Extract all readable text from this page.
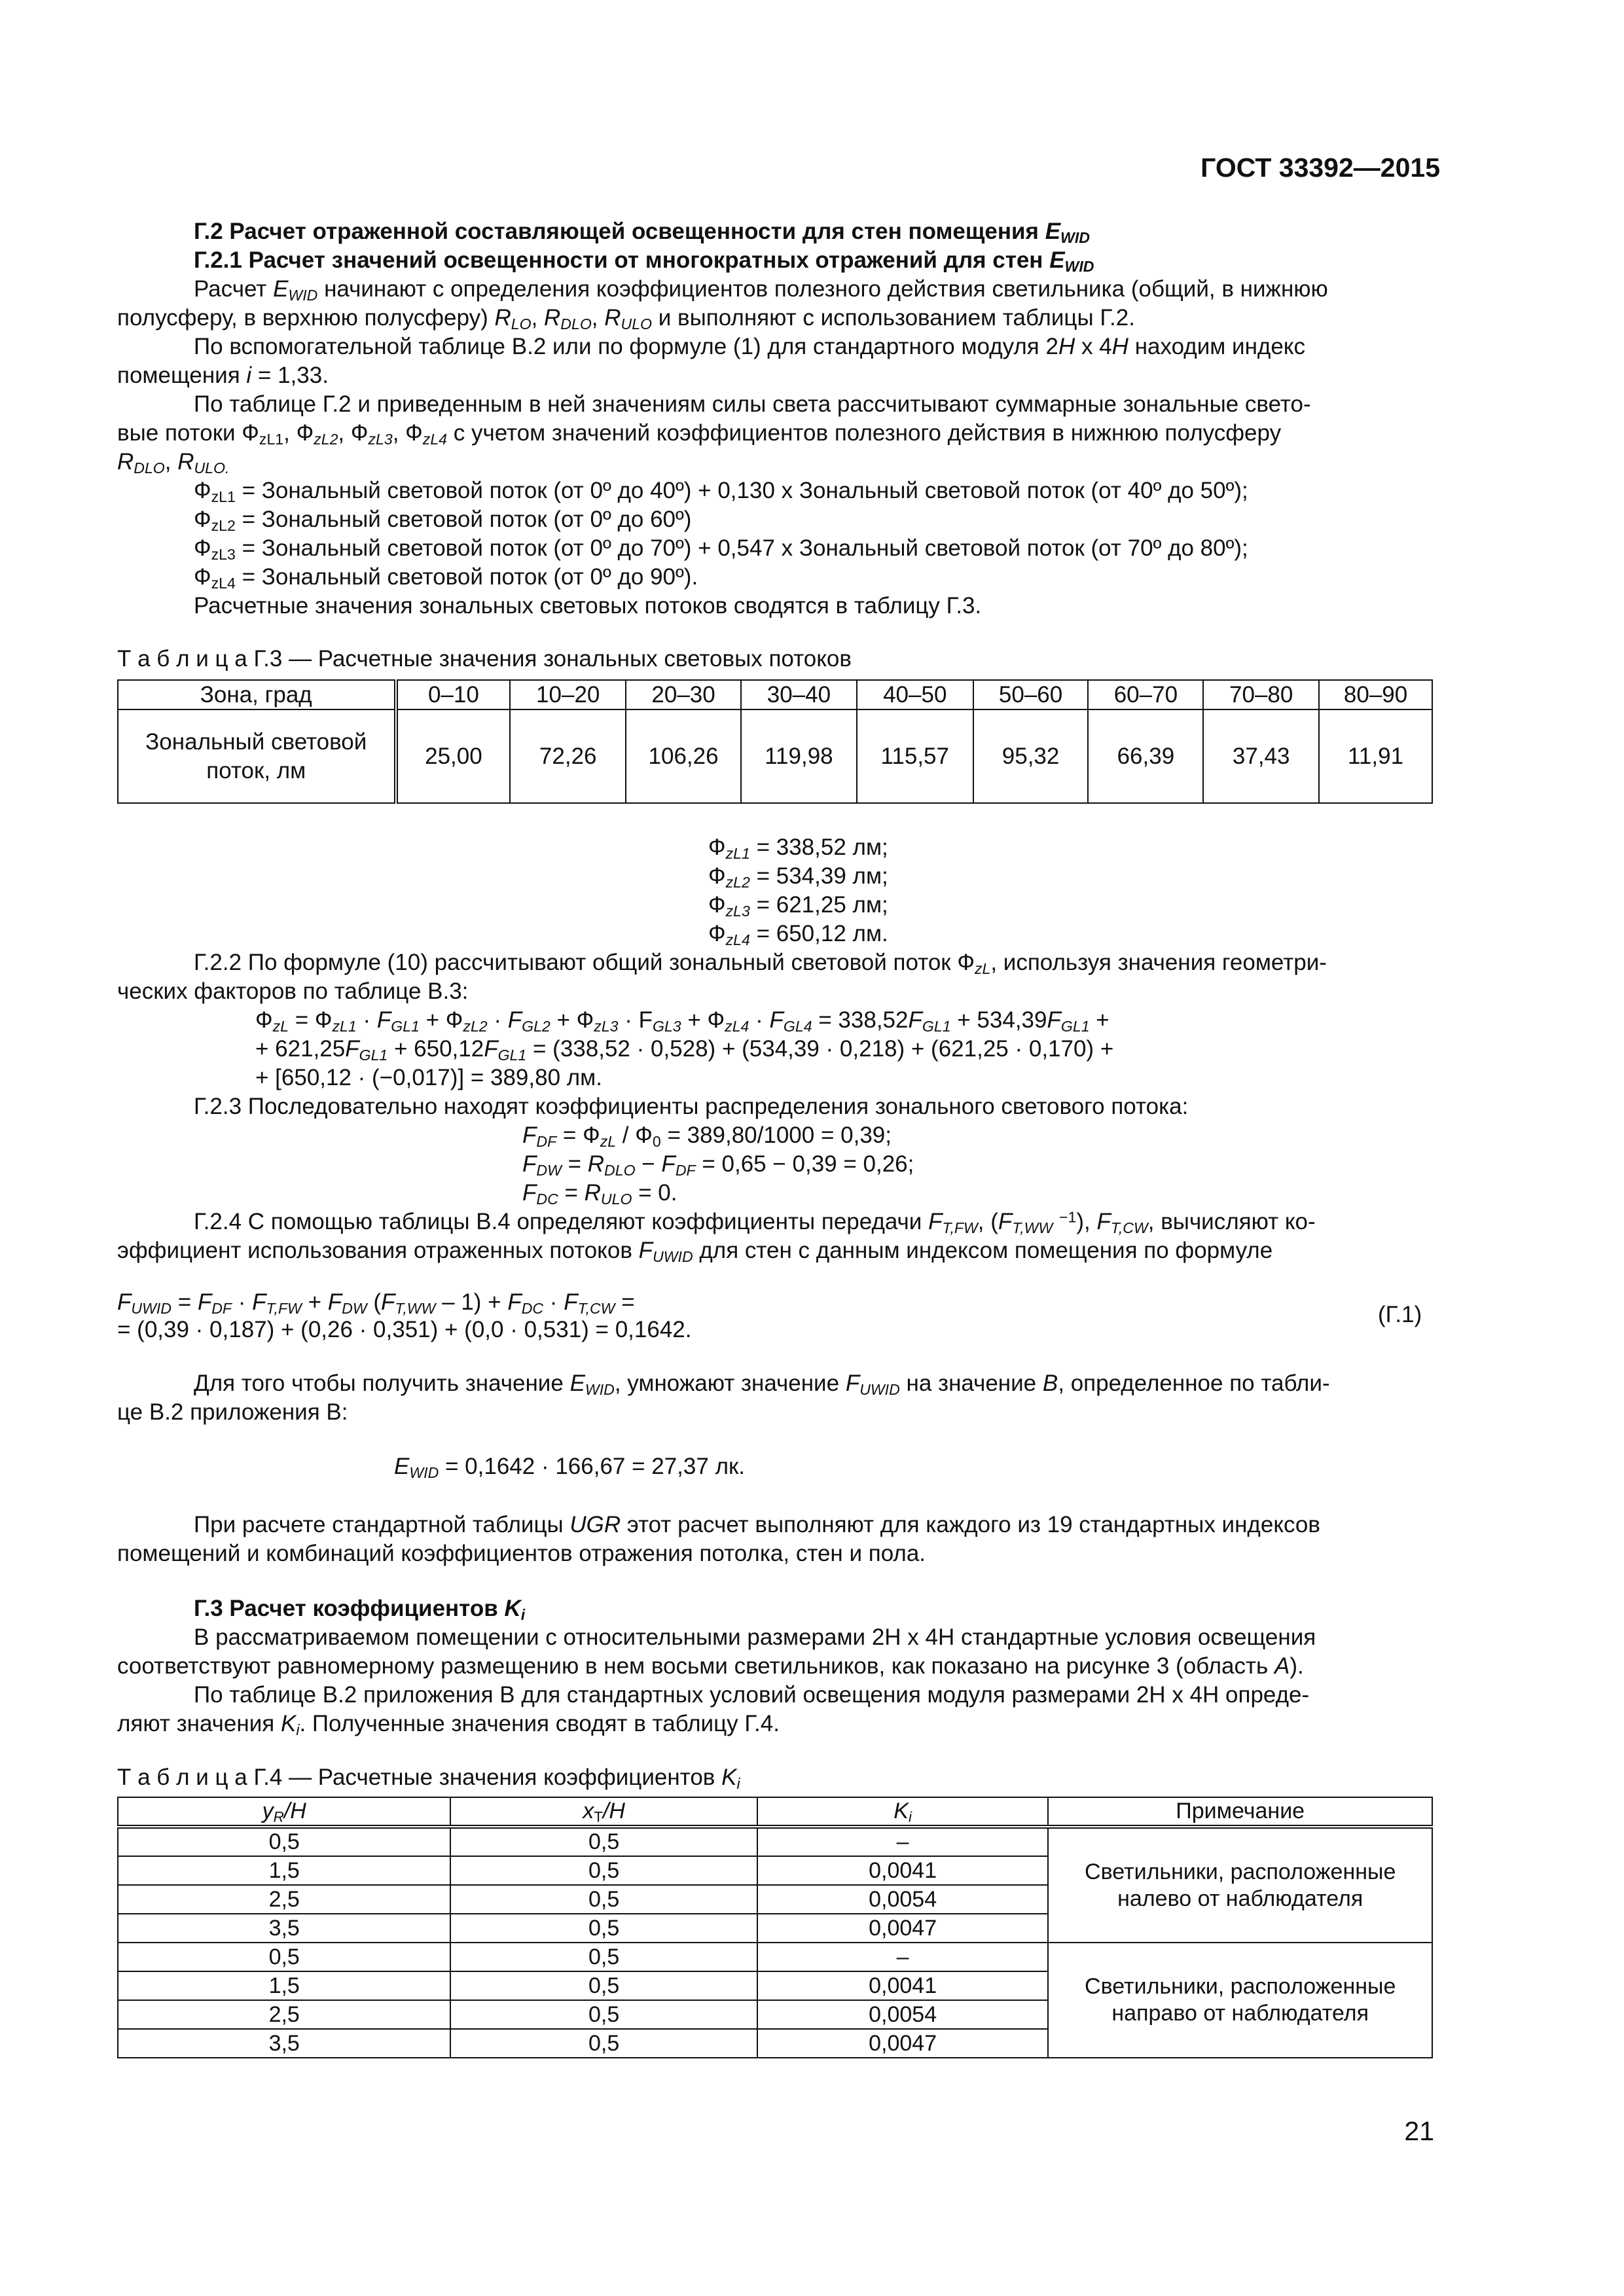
ГОСТ 33392—2015
Г.2 Расчет отраженной составляющей освещенности для стен помещения $E_{WID}$
Г.2.1 Расчет значений освещенности от многократных отражений для стен $E_{WID}$
Расчет $E_{WID}$ начинают с определения коэффициентов полезного действия светильника (общий, в нижнюю
полусферу, в верхнюю полусферу) $R_{LO}$, $R_{DLO}$, $R_{ULO}$ и выполняют с использованием таблицы Г.2.
По вспомогательной таблице В.2 или по формуле (1) для стандартного модуля 2H x 4H находим индекс
помещения i = 1,33.
По таблице Г.2 и приведенным в ней значениям силы света рассчитывают суммарные зональные свето-
вые потоки $Ф_{zL1}$, $Ф_{zL2}$, $Ф_{zL3}$, $Ф_{zL4}$ с учетом значений коэффициентов полезного действия в нижнюю полусферу
$R_{DLO}$, $R_{ULO.}$
$Ф_{zL1}$ = Зональный световой поток (от 0º до 40º) + 0,130 x Зональный световой поток (от 40º до 50º);
$Ф_{zL2}$ = Зональный световой поток (от 0º до 60º)
$Ф_{zL3}$ = Зональный световой поток (от 0º до 70º) + 0,547 x Зональный световой поток (от 70º до 80º);
$Ф_{zL4}$ = Зональный световой поток (от 0º до 90º).
Расчетные значения зональных световых потоков сводятся в таблицу Г.3.
Т а б л и ц а Г.3 — Расчетные значения зональных световых потоков
Зона, град	0–10	10–20	20–30	30–40	40–50	50–60	60–70	70–80	80–90
Зональный световой
поток, лм	25,00	72,26	106,26	119,98	115,57	95,32	66,39	37,43	11,91
$Ф_{zL1} = 338,52$ лм;
$Ф_{zL2} = 534,39$ лм;
$Ф_{zL3} = 621,25$ лм;
$Ф_{zL4} = 650,12$ лм.
Г.2.2 По формуле (10) рассчитывают общий зональный световой поток $Ф_{zL}$, используя значения геометри-
ческих факторов по таблице В.3:
$Ф_{zL} = Ф_{zL1} \cdot F_{GL1} + Ф_{zL2} \cdot F_{GL2} + Ф_{zL3} \cdot F_{GL3} + Ф_{zL4} \cdot F_{GL4} = 338,52F_{GL1} + 534,39F_{GL1}$ +
+ $621,25F_{GL1} + 650,12F_{GL1} = (338,52 \cdot 0,528) + (534,39 \cdot 0,218) + (621,25 \cdot 0,170)$ +
+ [650,12 · (−0,017)] = 389,80 лм.
Г.2.3 Последовательно находят коэффициенты распределения зонального светового потока:
$F_{DF} = Ф_{zL} / Ф_0 = 389,80/1000 = 0,39$;
$F_{DW} = R_{DLO} - F_{DF} = 0,65 - 0,39 = 0,26$;
$F_{DC} = R_{ULO} = 0$.
Г.2.4 С помощью таблицы В.4 определяют коэффициенты передачи $F_{T,FW}$, ($F_{T,WW}$ $^{-1}$), $F_{T,CW}$, вычисляют ко-
эффициент использования отраженных потоков $F_{UWID}$ для стен с данным индексом помещения по формуле
$F_{UWID} = F_{DF} \cdot F_{T,FW} + F_{DW}$ $(F_{T,WW} - 1) + F_{DC} \cdot F_{T,CW}$ =
= (0,39 · 0,187) + (0,26 · 0,351) + (0,0 · 0,531) = 0,1642.
(Г.1)
Для того чтобы получить значение $E_{WID}$, умножают значение $F_{UWID}$ на значение B, определенное по табли-
це В.2 приложения В:
$E_{WID} = 0,1642 \cdot 166,67 = 27,37$ лк.
При расчете стандартной таблицы UGR этот расчет выполняют для каждого из 19 стандартных индексов
помещений и комбинаций коэффициентов отражения потолка, стен и пола.
Г.3 Расчет коэффициентов $K_i$
В рассматриваемом помещении с относительными размерами 2Н x 4Н стандартные условия освещения
соответствуют равномерному размещению в нем восьми светильников, как показано на рисунке 3 (область A).
По таблице В.2 приложения В для стандартных условий освещения модуля размерами 2Н x 4Н опреде-
ляют значения $K_i$. Полученные значения сводят в таблицу Г.4.
Т а б л и ц а Г.4 — Расчетные значения коэффициентов $K_i$
$y_R/H$	$x_T/H$	$K_i$	Примечание
0,5	0,5	–	Светильники, расположенные
налево от наблюдателя
1,5	0,5	0,0041	
2,5	0,5	0,0054	
3,5	0,5	0,0047	
0,5	0,5	–	Светильники, расположенные
направо от наблюдателя
1,5	0,5	0,0041	
2,5	0,5	0,0054	
3,5	0,5	0,0047	
21
